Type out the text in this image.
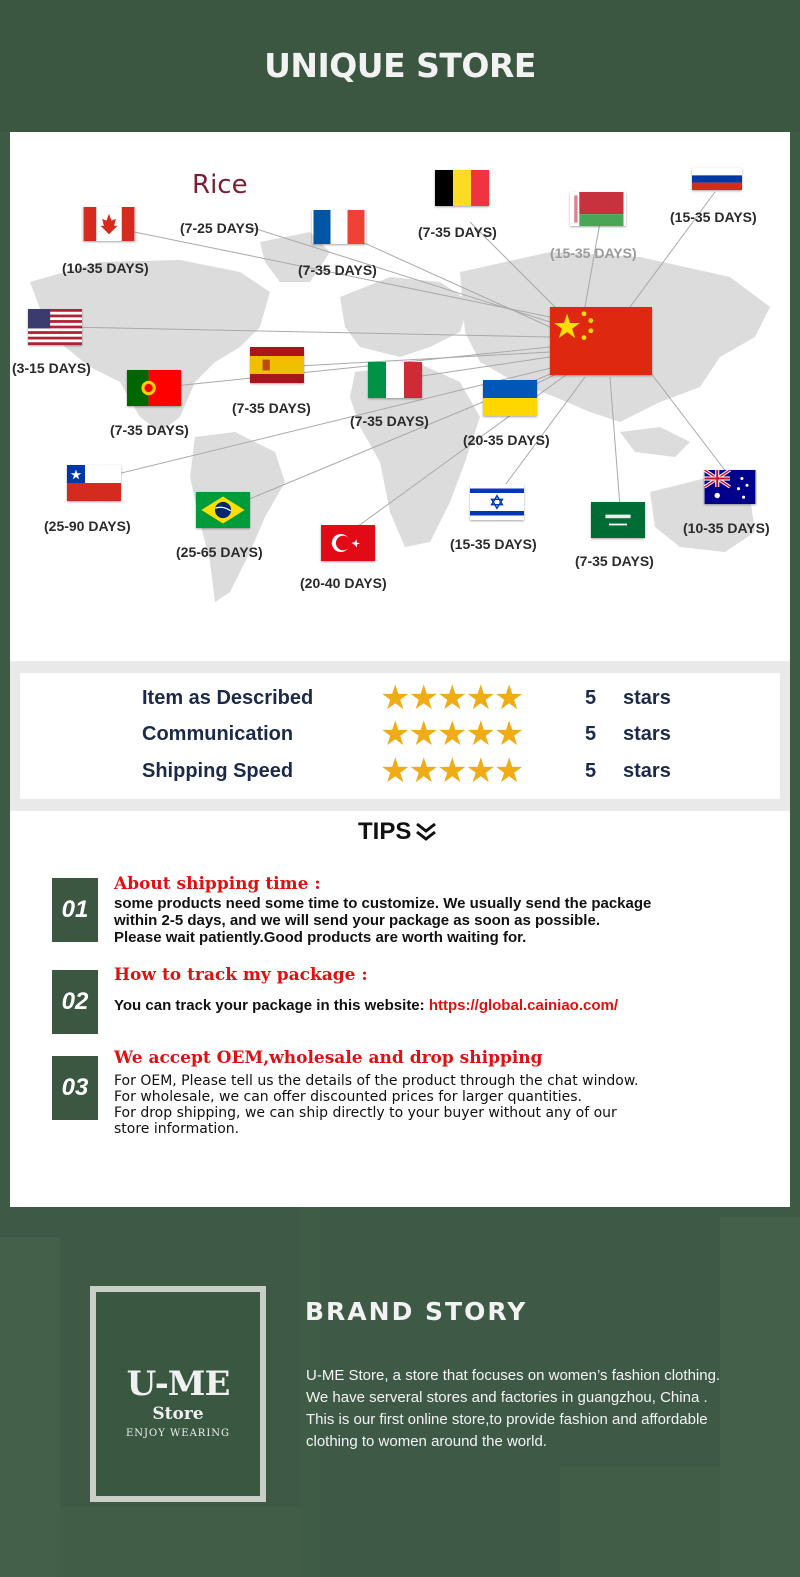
UNIQUE STORE
Rice
(10-35 DAYS)
(7-25 DAYS)
(7-35 DAYS)
(7-35 DAYS)
(15-35 DAYS)
(15-35 DAYS)
(3-15 DAYS)
(7-35 DAYS)
(7-35 DAYS)
(7-35 DAYS)
(20-35 DAYS)
(25-90 DAYS)
(25-65 DAYS)
(20-40 DAYS)
(15-35 DAYS)
(7-35 DAYS)
(10-35 DAYS)
Item as Described ★★★★★	5 stars
Communication	★★★★★	5 stars
Shipping Speed	★★★★★	5 stars
TIPS
01
About shipping time :
some products need some time to customize. We usually send the package
within 2-5 days, and we will send your package as soon as possible.
Please wait patiently.Good products are worth waiting for.
02
How to track my package :
You can track your package in this website: https://global.cainiao.com/
03
We accept OEM,wholesale and drop shipping
For OEM, Please tell us the details of the product through the chat window.
For wholesale, we can offer discounted prices for larger quantities.
For drop shipping, we can ship directly to your buyer without any of our
store information.
U-ME
Store
ENJOY WEARING
BRAND STORY
U-ME Store, a store that focuses on women’s fashion clothing.
We have serveral stores and factories in guangzhou, China .
This is our first online store,to provide fashion and affordable
clothing to women around the world.
